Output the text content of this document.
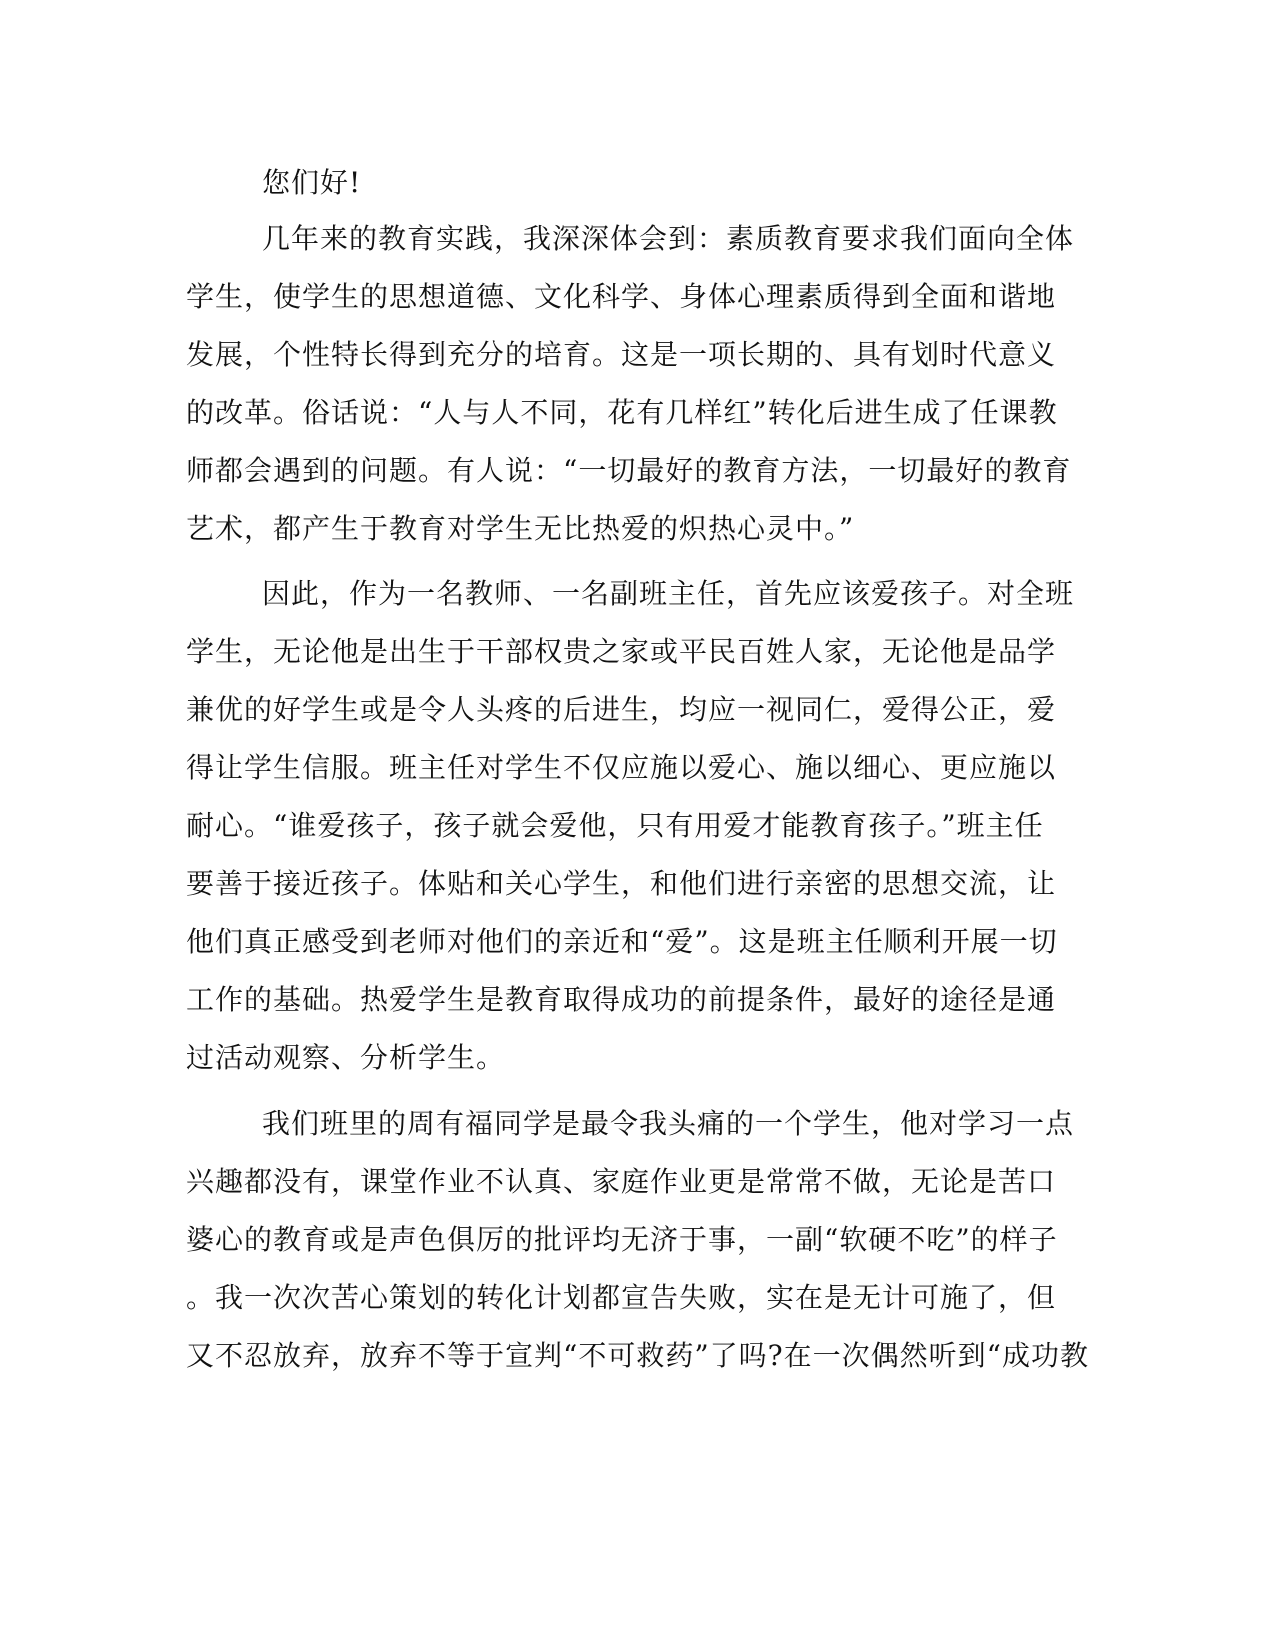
您们好!
几年来的教育实践，我深深体会到：素质教育要求我们面向全体
学生，使学生的思想道德、文化科学、身体心理素质得到全面和谐地
发展，个性特长得到充分的培育。这是一项长期的、具有划时代意义
的改革。俗话说：“人与人不同，花有几样红”转化后进生成了任课教
师都会遇到的问题。有人说：“一切最好的教育方法，一切最好的教育
艺术，都产生于教育对学生无比热爱的炽热心灵中。”
因此，作为一名教师、一名副班主任，首先应该爱孩子。对全班
学生，无论他是出生于干部权贵之家或平民百姓人家，无论他是品学
兼优的好学生或是令人头疼的后进生，均应一视同仁，爱得公正，爱
得让学生信服。班主任对学生不仅应施以爱心、施以细心、更应施以
耐心。“谁爱孩子，孩子就会爱他，只有用爱才能教育孩子。”班主任
要善于接近孩子。体贴和关心学生，和他们进行亲密的思想交流，让
他们真正感受到老师对他们的亲近和“爱”。这是班主任顺利开展一切
工作的基础。热爱学生是教育取得成功的前提条件，最好的途径是通
过活动观察、分析学生。
我们班里的周有福同学是最令我头痛的一个学生，他对学习一点
兴趣都没有，课堂作业不认真、家庭作业更是常常不做，无论是苦口
婆心的教育或是声色俱厉的批评均无济于事，一副“软硬不吃”的样子
。我一次次苦心策划的转化计划都宣告失败，实在是无计可施了，但
又不忍放弃，放弃不等于宣判“不可救药”了吗?在一次偶然听到“成功教
